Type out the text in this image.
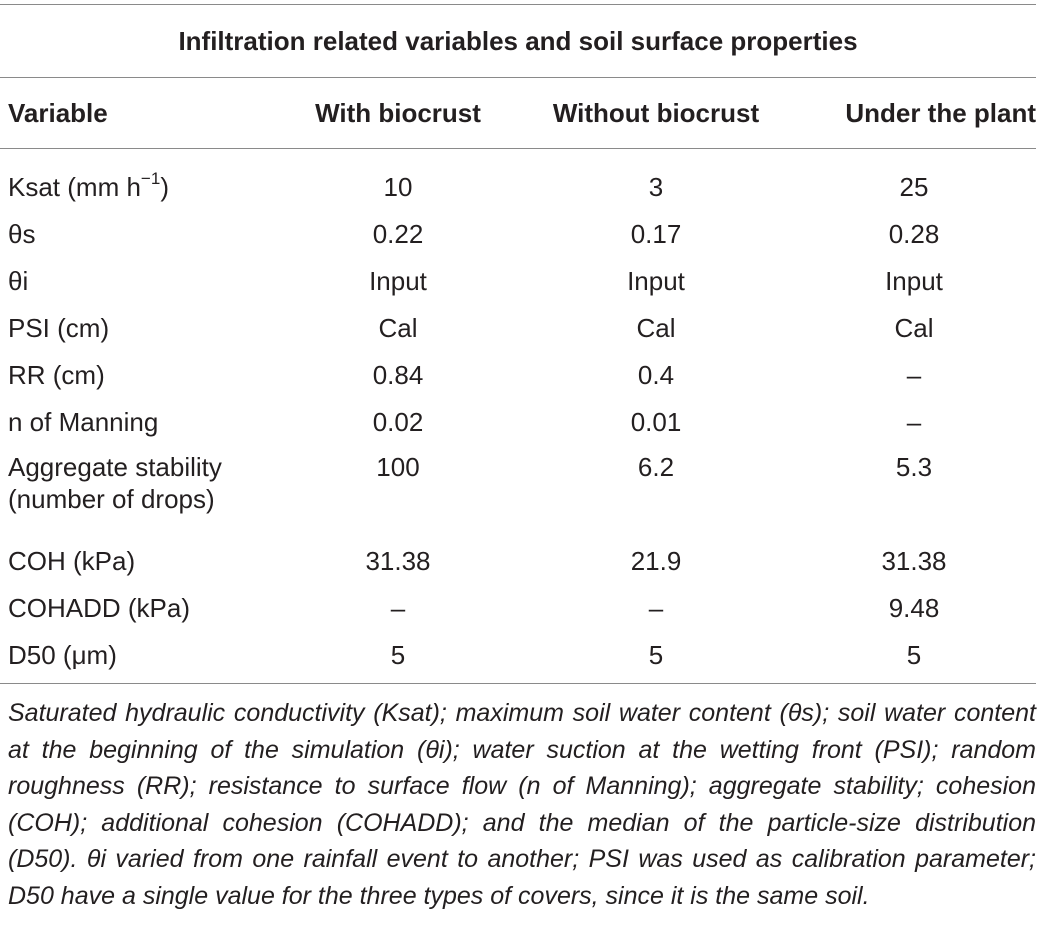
Infiltration related variables and soil surface properties
Variable	With biocrust	Without biocrust	Under the plant

Ksat (mm $h^{-1}$)	10	3	25
θs	0.22	0.17	0.28
θi	Input	Input	Input
PSI (cm)	Cal	Cal	Cal
RR (cm)	0.84	0.4	–
n of Manning	0.02	0.01	–
Aggregate stability
(number of drops)	100	6.2	5.3
COH (kPa)	31.38	21.9	31.38
COHADD (kPa)	–	–	9.48
D50 (μm)	5	5	5
Saturated hydraulic conductivity (Ksat); maximum soil water content (θs); soil water content at the beginning of the simulation (θi); water suction at the wetting front (PSI); random roughness (RR); resistance to surface flow (n of Manning); aggregate stability; cohesion (COH); additional cohesion (COHADD); and the median of the particle-size distribution (D50). θi varied from one rainfall event to another; PSI was used as calibration parameter; D50 have a single value for the three types of covers, since it is the same soil.
